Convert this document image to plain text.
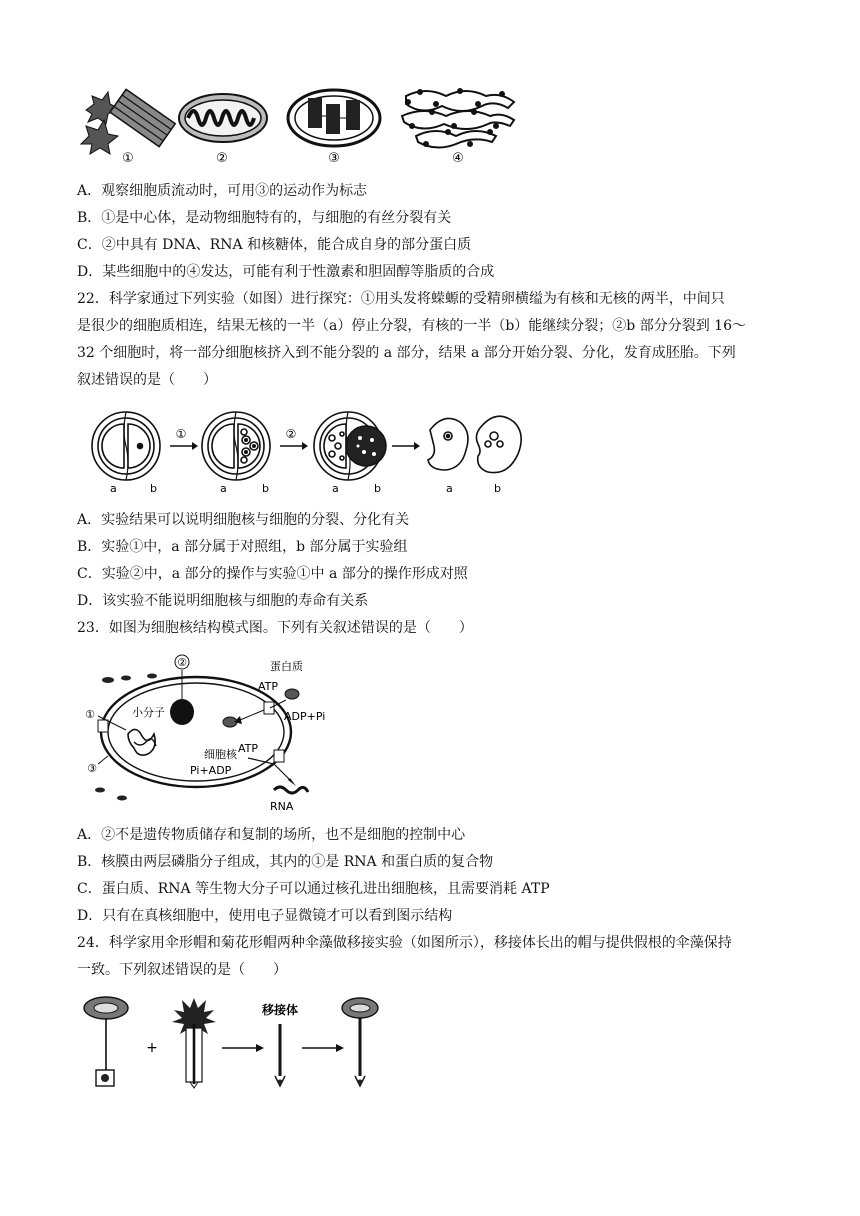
①	②	③	④
A．观察细胞质流动时，可用③的运动作为标志
B．①是中心体，是动物细胞特有的，与细胞的有丝分裂有关
C．②中具有 DNA、RNA 和核糖体，能合成自身的部分蛋白质
D．某些细胞中的④发达，可能有利于性激素和胆固醇等脂质的合成
22．科学家通过下列实验（如图）进行探究：①用头发将蝾螈的受精卵横缢为有核和无核的两半，中间只
是很少的细胞质相连，结果无核的一半（a）停止分裂，有核的一半（b）能继续分裂；②b 部分分裂到 16～
32 个细胞时，将一部分细胞核挤入到不能分裂的 a 部分，结果 a 部分开始分裂、分化，发育成胚胎。下列
叙述错误的是（　　）
a	b
①
a	b
②
a	b	a	b
A．实验结果可以说明细胞核与细胞的分裂、分化有关
B．实验①中，a 部分属于对照组，b 部分属于实验组
C．实验②中，a 部分的操作与实验①中 a 部分的操作形成对照
D．该实验不能说明细胞核与细胞的寿命有关系
23．如图为细胞核结构模式图。下列有关叙述错误的是（　　）
②
①
③
小分子
蛋白质
ATP
ADP+Pi
细胞核 ATP
Pi+ADP
RNA
A．②不是遗传物质储存和复制的场所，也不是细胞的控制中心
B．核膜由两层磷脂分子组成，其内的①是 RNA 和蛋白质的复合物
C．蛋白质、RNA 等生物大分子可以通过核孔进出细胞核，且需要消耗 ATP
D．只有在真核细胞中，使用电子显微镜才可以看到图示结构
24．科学家用伞形帽和菊花形帽两种伞藻做移接实验（如图所示），移接体长出的帽与提供假根的伞藻保持
一致。下列叙述错误的是（　　）
+
移接体
